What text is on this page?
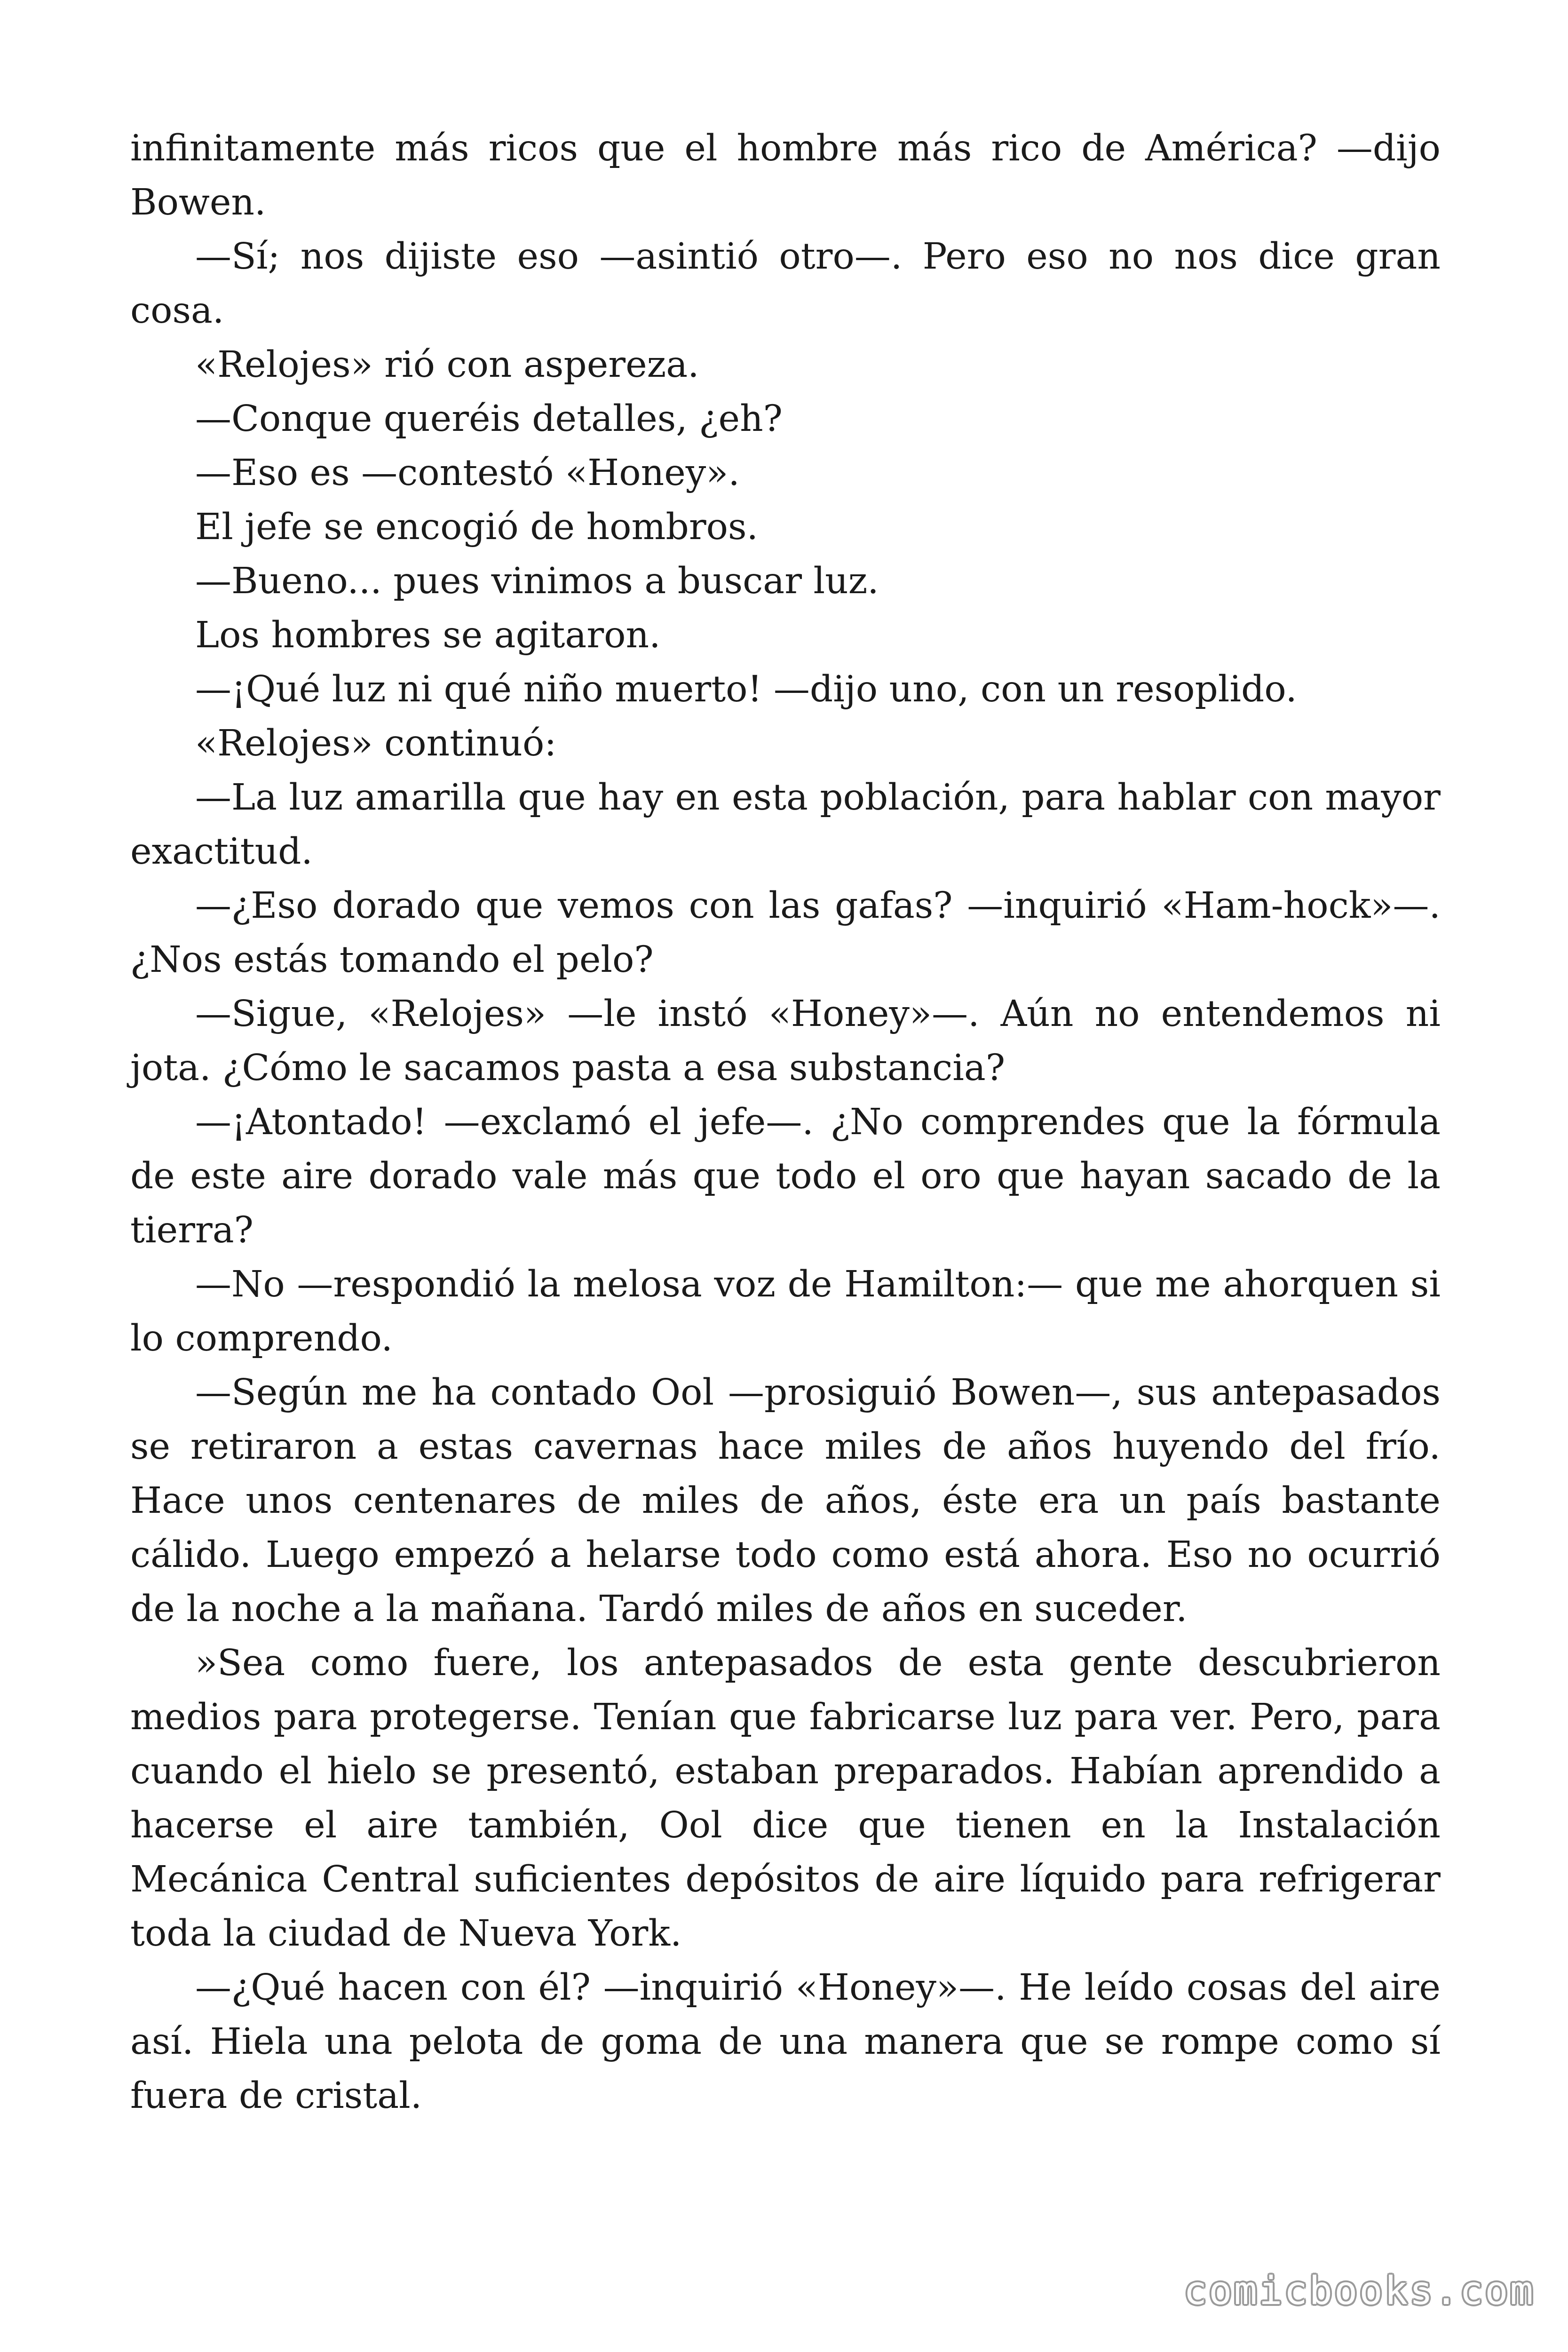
infinitamente más ricos que el hombre más rico de América? —dijo Bowen.

—Sí; nos dijiste eso —asintió otro—. Pero eso no nos dice gran cosa.

«Relojes» rió con aspereza.

—Conque queréis detalles, ¿eh?

—Eso es —contestó «Honey».

El jefe se encogió de hombros.

—Bueno... pues vinimos a buscar luz.

Los hombres se agitaron.

—¡Qué luz ni qué niño muerto! —dijo uno, con un resoplido.

«Relojes» continuó:

—La luz amarilla que hay en esta población, para hablar con mayor exactitud.

—¿Eso dorado que vemos con las gafas? —inquirió «Ham-hock»—. ¿Nos estás tomando el pelo?

—Sigue, «Relojes» —le instó «Honey»—. Aún no entendemos ni jota. ¿Cómo le sacamos pasta a esa substancia?

—¡Atontado! —exclamó el jefe—. ¿No comprendes que la fórmula de este aire dorado vale más que todo el oro que hayan sacado de la tierra?

—No —respondió la melosa voz de Hamilton:— que me ahorquen si lo comprendo.

—Según me ha contado Ool —prosiguió Bowen—, sus antepasados se retiraron a estas cavernas hace miles de años huyendo del frío. Hace unos centenares de miles de años, éste era un país bastante cálido. Luego empezó a helarse todo como está ahora. Eso no ocurrió de la noche a la mañana. Tardó miles de años en suceder.

»Sea como fuere, los antepasados de esta gente descubrieron medios para protegerse. Tenían que fabricarse luz para ver. Pero, para cuando el hielo se presentó, estaban preparados. Habían aprendido a hacerse el aire también, Ool dice que tienen en la Instalación Mecánica Central suficientes depósitos de aire líquido para refrigerar toda la ciudad de Nueva York.

—¿Qué hacen con él? —inquirió «Honey»—. He leído cosas del aire así. Hiela una pelota de goma de una manera que se rompe como sí fuera de cristal.

comicbooks.com
